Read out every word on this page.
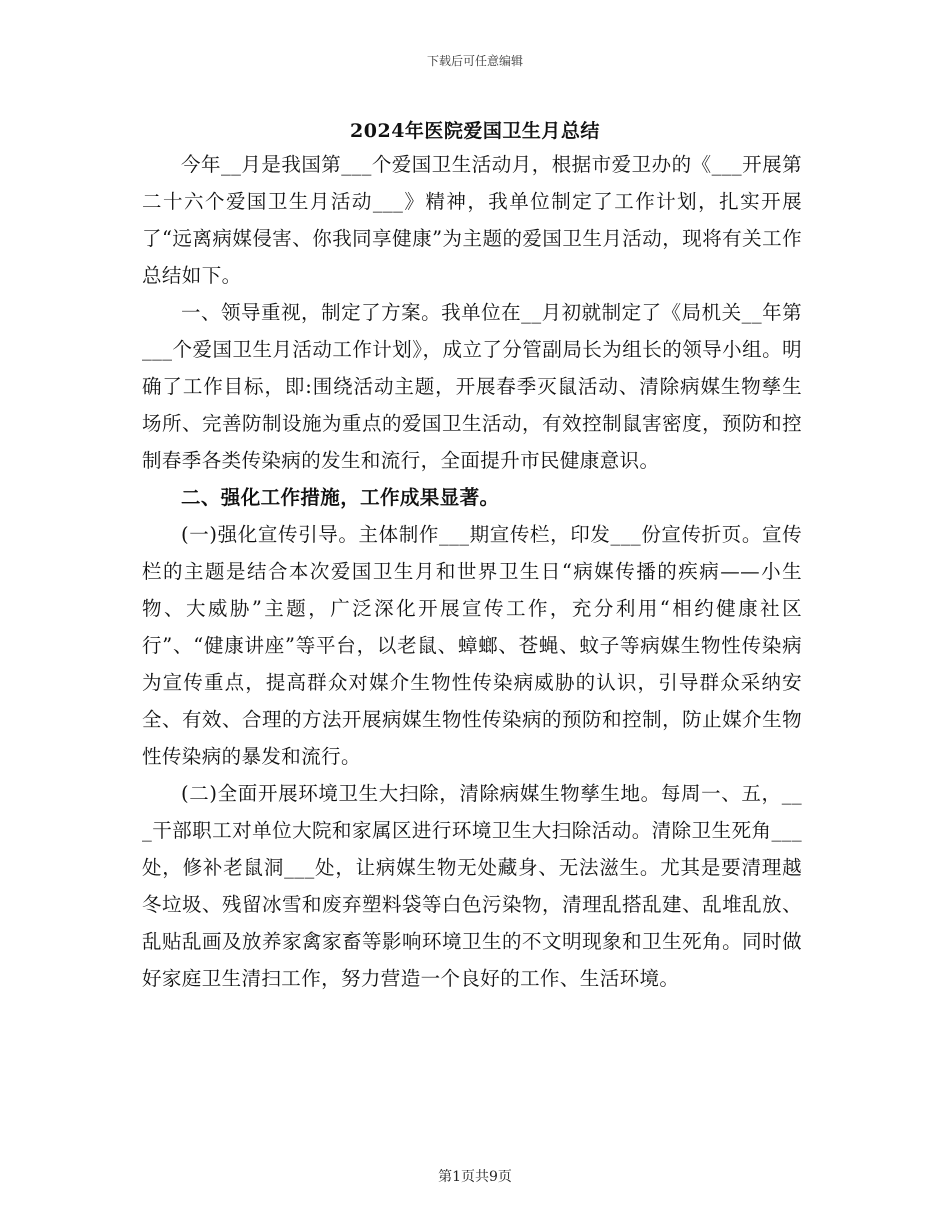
下载后可任意编辑
2024年医院爱国卫生月总结

今年__月是我国第___个爱国卫生活动月，根据市爱卫办的《___开展第二十六个爱国卫生月活动___》精神，我单位制定了工作计划，扎实开展了“远离病媒侵害、你我同享健康”为主题的爱国卫生月活动，现将有关工作总结如下。

一、领导重视，制定了方案。我单位在__月初就制定了《局机关__年第___个爱国卫生月活动工作计划》，成立了分管副局长为组长的领导小组。明确了工作目标，即:围绕活动主题，开展春季灭鼠活动、清除病媒生物孳生场所、完善防制设施为重点的爱国卫生活动，有效控制鼠害密度，预防和控制春季各类传染病的发生和流行，全面提升市民健康意识。

二、强化工作措施，工作成果显著。

(一)强化宣传引导。主体制作___期宣传栏，印发___份宣传折页。宣传栏的主题是结合本次爱国卫生月和世界卫生日“病媒传播的疾病——小生物、大威胁”主题，广泛深化开展宣传工作，充分利用“相约健康社区行”、“健康讲座”等平台，以老鼠、蟑螂、苍蝇、蚊子等病媒生物性传染病为宣传重点，提高群众对媒介生物性传染病威胁的认识，引导群众采纳安全、有效、合理的方法开展病媒生物性传染病的预防和控制，防止媒介生物性传染病的暴发和流行。

(二)全面开展环境卫生大扫除，清除病媒生物孳生地。每周一、五，___干部职工对单位大院和家属区进行环境卫生大扫除活动。清除卫生死角___处，修补老鼠洞___处，让病媒生物无处藏身、无法滋生。尤其是要清理越冬垃圾、残留冰雪和废弃塑料袋等白色污染物，清理乱搭乱建、乱堆乱放、乱贴乱画及放养家禽家畜等影响环境卫生的不文明现象和卫生死角。同时做好家庭卫生清扫工作，努力营造一个良好的工作、生活环境。

第1页共9页
